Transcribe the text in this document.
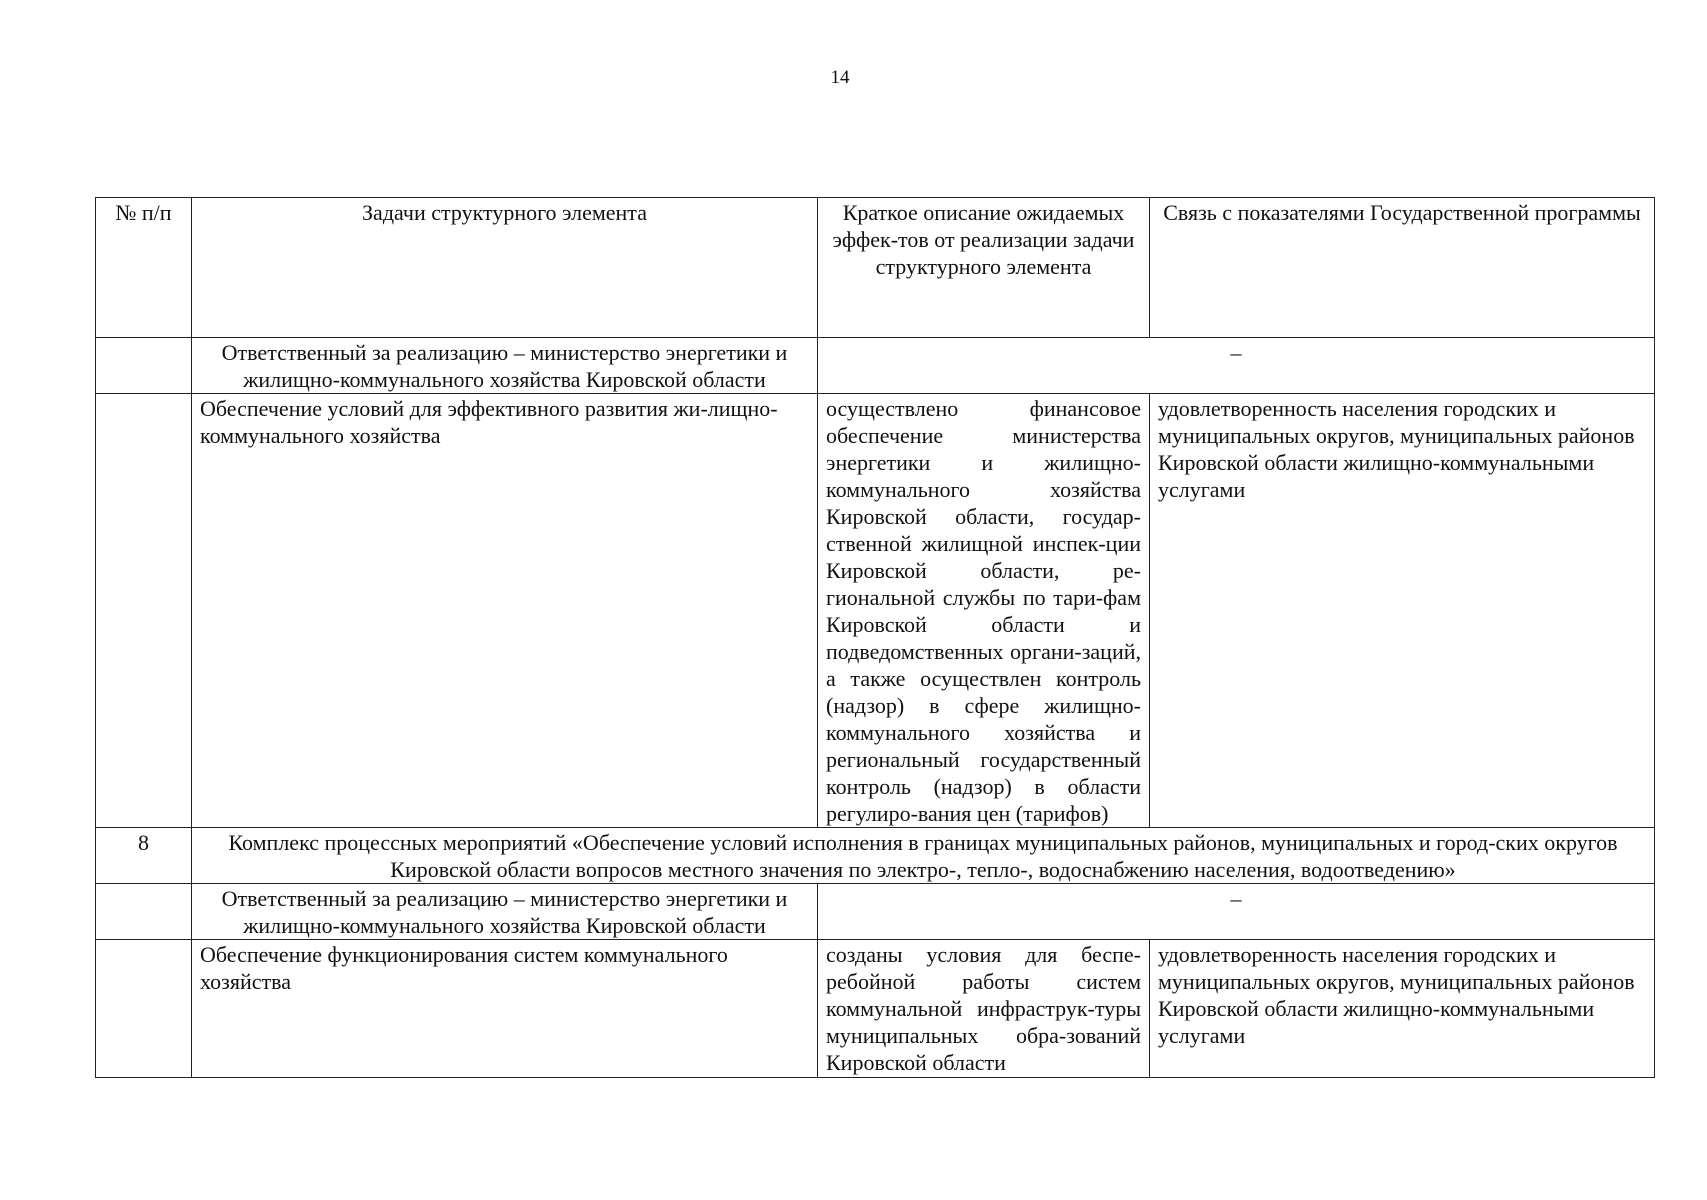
14
№ п/п	Задачи структурного элемента	Краткое описание ожидаемых эффек-тов от реализации задачи структурного элемента	Связь с показателями Государственной программы
	Ответственный за реализацию – министерство энергетики и жилищно-коммунального хозяйства Кировской области	–	
	Обеспечение условий для эффективного развития жи-лищно-коммунального хозяйства	осуществлено финансовое обеспечение министерства энергетики и жилищно-коммунального хозяйства Кировской области, государ-ственной жилищной инспек-ции Кировской области, ре-гиональной службы по тари-фам Кировской области и подведомственных органи-заций, а также осуществлен контроль (надзор) в сфере жилищно-коммунального хозяйства и региональный государственный контроль (надзор) в области регулиро-вания цен (тарифов)	удовлетворенность населения городских и муниципальных округов, муниципальных районов Кировской области жилищно-коммунальными услугами
8	Комплекс процессных мероприятий «Обеспечение условий исполнения в границах муниципальных районов, муниципальных и город-ских округов Кировской области вопросов местного значения по электро-, тепло-, водоснабжению населения, водоотведению»		
	Ответственный за реализацию – министерство энергетики и жилищно-коммунального хозяйства Кировской области	–	
	Обеспечение функционирования систем коммунального хозяйства	созданы условия для беспе-ребойной работы систем коммунальной инфраструк-туры муниципальных обра-зований Кировской области	удовлетворенность населения городских и муниципальных округов, муниципальных районов Кировской области жилищно-коммунальными услугами
